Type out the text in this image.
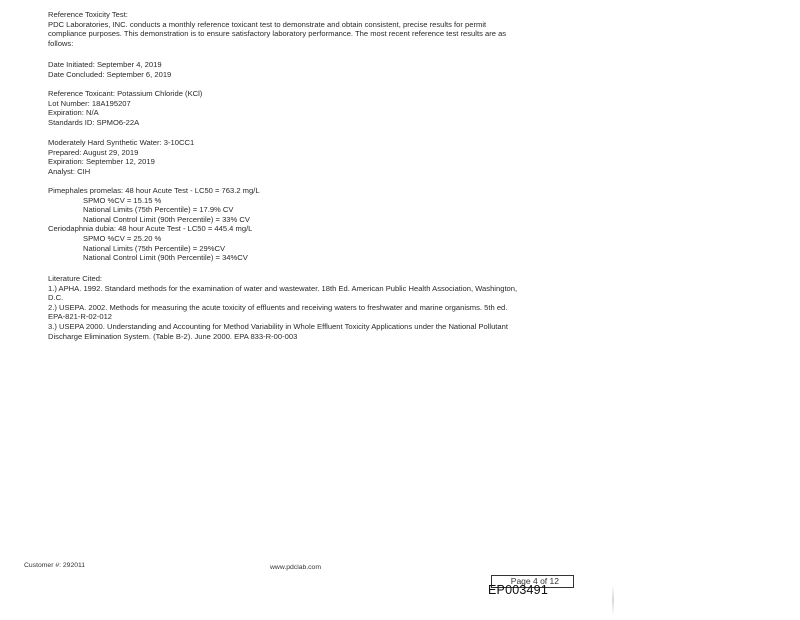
Reference Toxicity Test:

PDC Laboratories, INC. conducts a monthly reference toxicant test to demonstrate and obtain consistent, precise results for permit compliance purposes. This demonstration is to ensure satisfactory laboratory performance. The most recent reference test results are as follows:

Date Initiated: September 4, 2019

Date Concluded: September 6, 2019

Reference Toxicant: Potassium Chloride (KCl)

Lot Number: 18A195207

Expiration: N/A

Standards ID: SPMO6-22A

Moderately Hard Synthetic Water: 3-10CC1

Prepared: August 29, 2019

Expiration: September 12, 2019

Analyst: CIH

Pimephales promelas: 48 hour Acute Test - LC50 = 763.2 mg/L

SPMO %CV = 15.15 %

National Limits (75th Percentile) = 17.9% CV

National Control Limit (90th Percentile) = 33% CV

Ceriodaphnia dubia: 48 hour Acute Test - LC50 = 445.4 mg/L

SPMO %CV = 25.20 %

National Limits (75th Percentile) = 29%CV

National Control Limit (90th Percentile) = 34%CV

Literature Cited:

1.) APHA. 1992. Standard methods for the examination of water and wastewater. 18th Ed. American Public Health Association, Washington, D.C.

2.) USEPA. 2002. Methods for measuring the acute toxicity of effluents and receiving waters to freshwater and marine organisms. 5th ed. EPA-821-R-02-012

3.) USEPA 2000. Understanding and Accounting for Method Variability in Whole Effluent Toxicity Applications under the National Pollutant Discharge Elimination System. (Table B-2). June 2000. EPA 833-R-00-003

Customer #: 292011	www.pdclab.com
Page 4 of 12
EP003491
